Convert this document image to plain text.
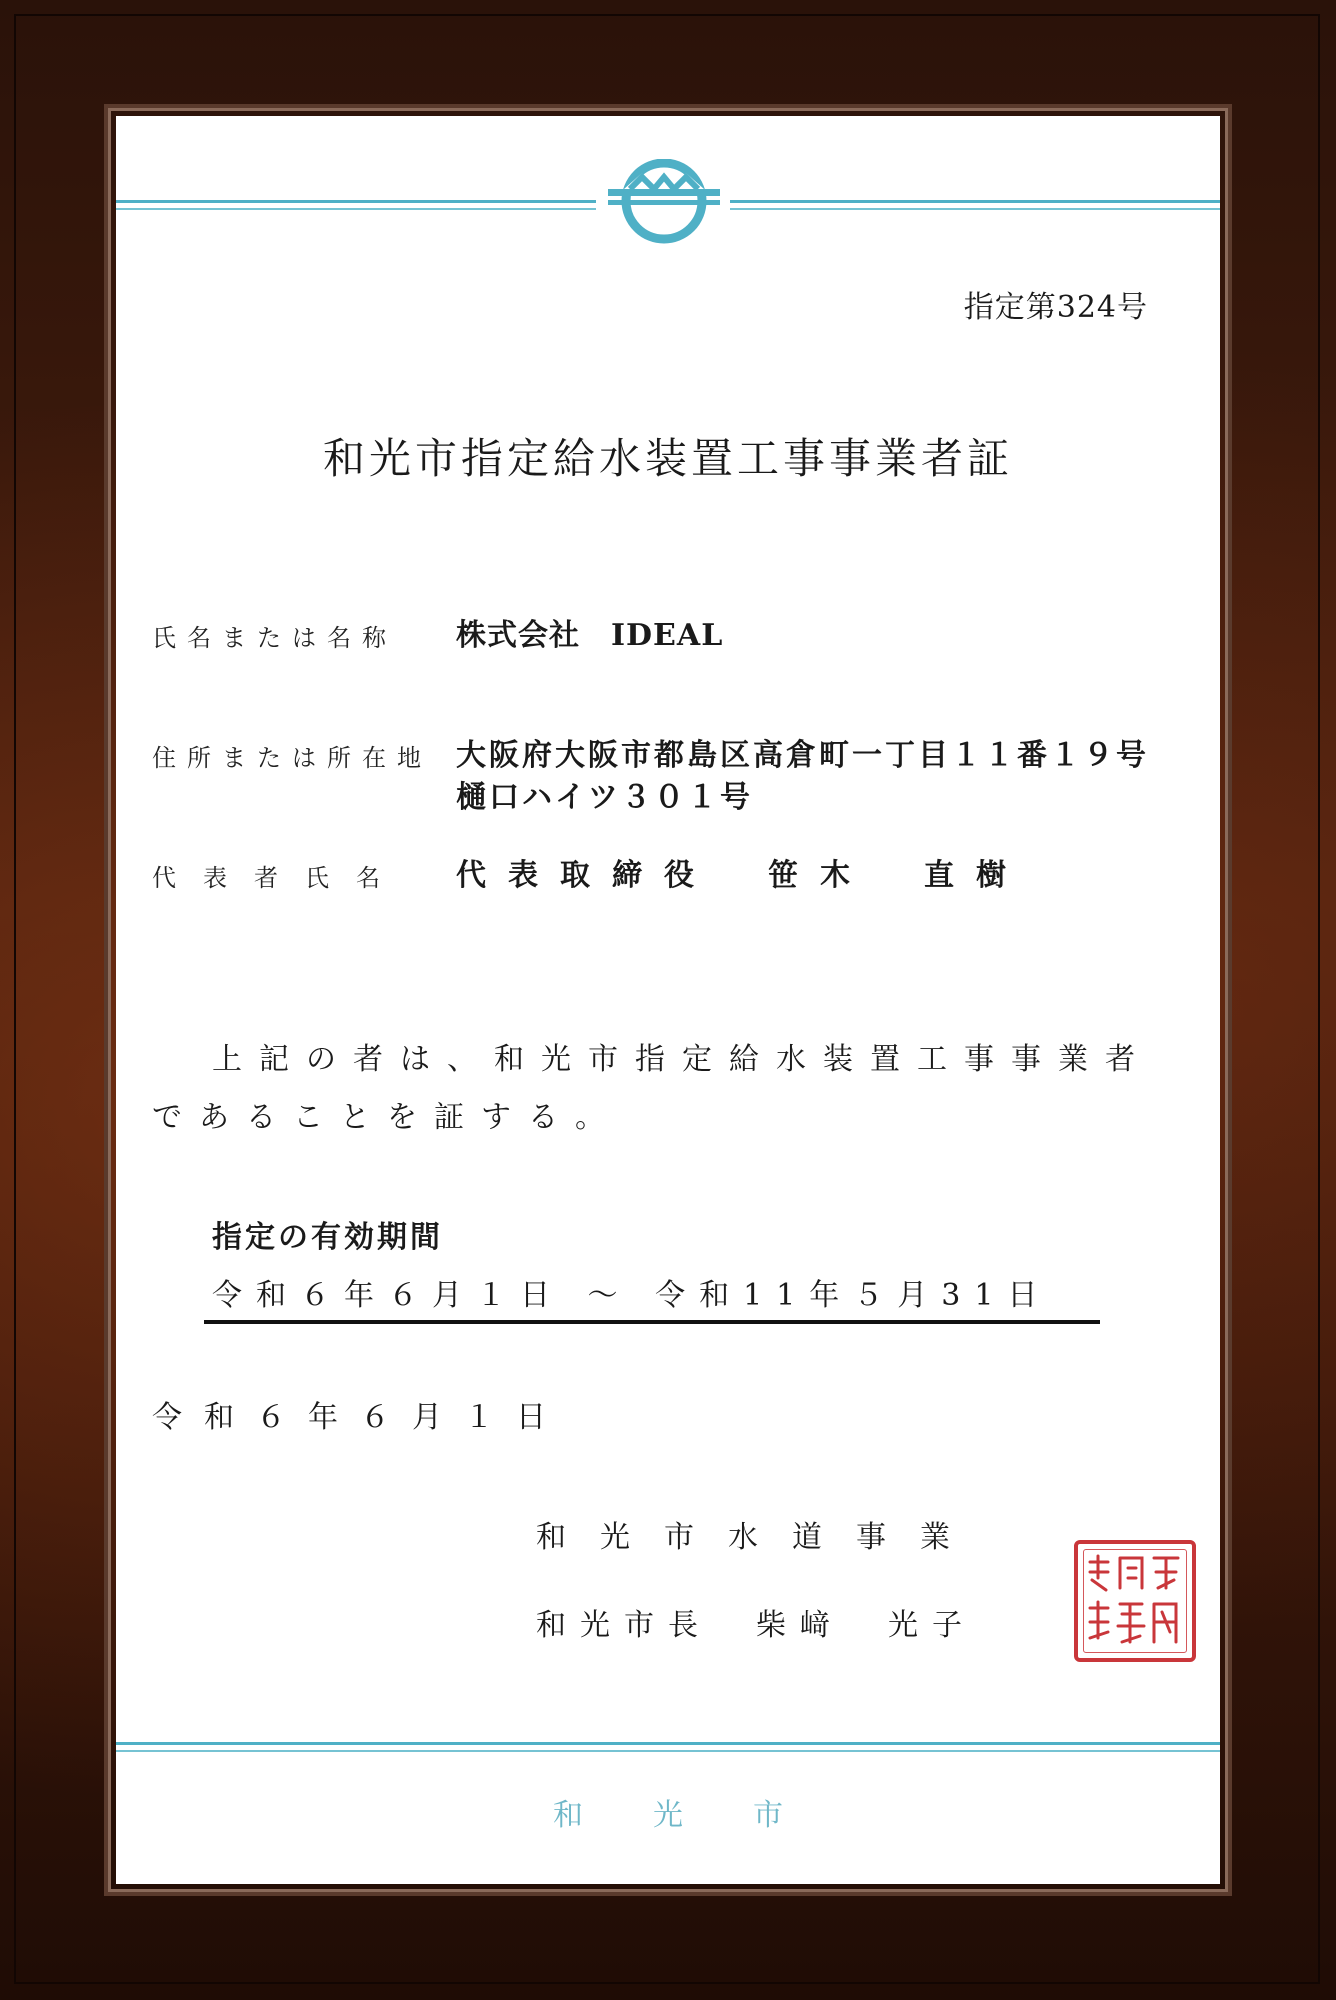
指定第324号
和光市指定給水装置工事事業者証
氏名または名称 株式会社　IDEAL
住所または所在地 大阪府大阪市都島区高倉町一丁目１１番１９号
樋口ハイツ３０１号
代表者氏名 代表取締役　笹木　直樹
上記の者は、和光市指定給水装置工事事業者
であることを証する。
指定の有効期間
令和６年６月１日 〜 令和11年５月31日
令和６年６月１日
和光市水道事業
和光市長　柴﨑　光子
和光市
